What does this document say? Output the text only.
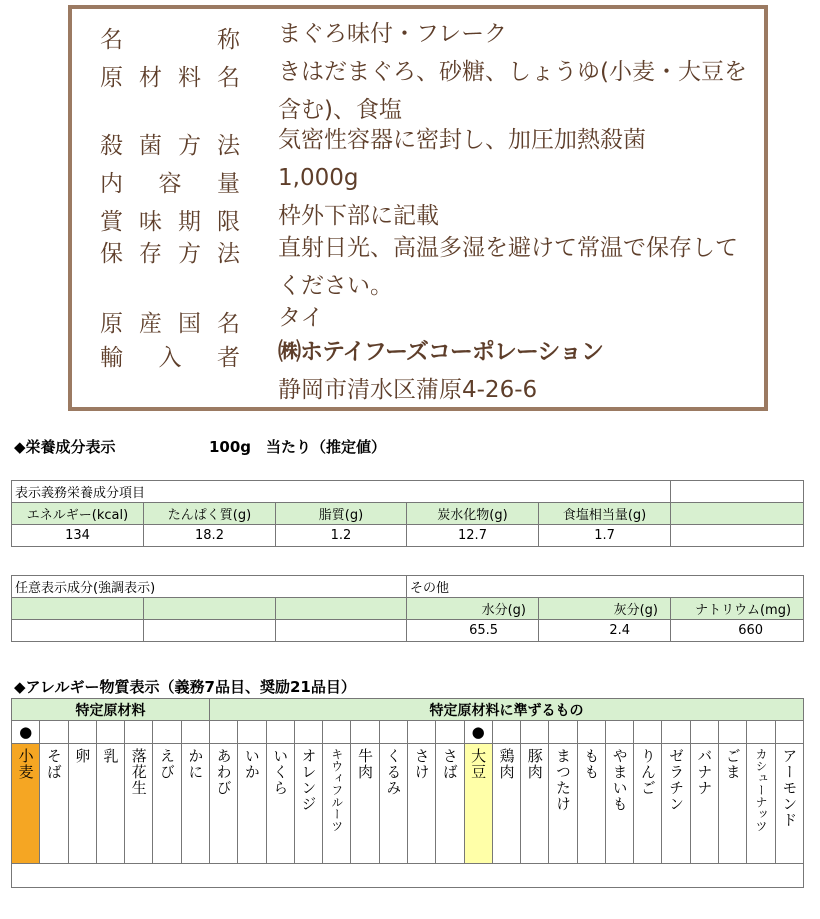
名	称 まぐろ味付・フレーク
原 材 料 名 きはだまぐろ、砂糖、しょうゆ(小麦・大豆を含む)、食塩
殺 菌 方 法 気密性容器に密封し、加圧加熱殺菌
内 容 量 1,000g
賞 味 期 限 枠外下部に記載
保 存 方 法 直射日光、高温多湿を避けて常温で保存してください。
原 産 国 名 タイ
輸 入 者 ㈱ホテイフーズコーポレーション
静岡市清水区蒲原4-26-6
◆栄養成分表示	100g　当たり（推定値）
表示義務栄養成分項目					
エネルギー(kcal)	たんぱく質(g)	脂質(g)	炭水化物(g)	食塩相当量(g)	
134	18.2	1.2	12.7	1.7	
任意表示成分(強調表示)			その他		
			水分(g)	灰分(g)	ナトリウム(mg)
			65.5	2.4	660
◆アレルギー物質表示（義務7品目、奨励21品目）
特定原材料							特定原材料に準ずるもの																				
●																●											
小麦	そば	卵	乳	落花生	えび	かに	あわび	いか	いくら	オレンジ	キウィフルーツ	牛肉	くるみ	さけ	さば	大豆	鶏肉	豚肉	まつたけ	もも	やまいも	りんご	ゼラチン	バナナ	ごま	カシューナッツ	アーモンド
